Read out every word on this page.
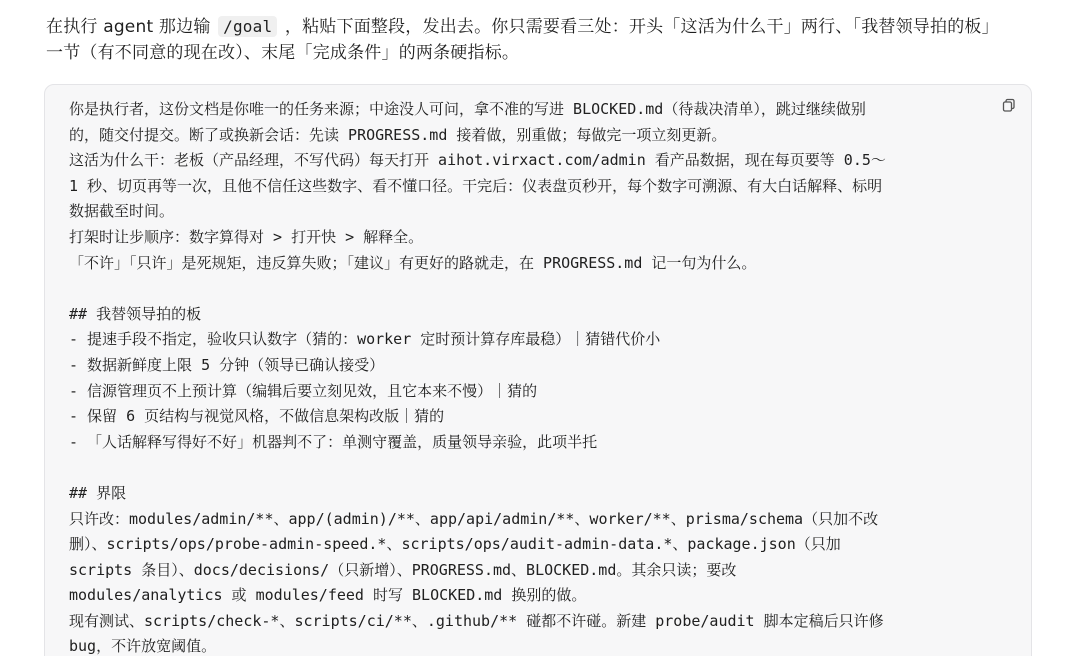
在执行 agent 那边输 /goal ，粘贴下面整段，发出去。你只需要看三处：开头「这活为什么干」两行、「我替领导拍的板」
一节（有不同意的现在改）、末尾「完成条件」的两条硬指标。
你是执行者，这份文档是你唯一的任务来源；中途没人可问，拿不准的写进 BLOCKED.md（待裁决清单），跳过继续做别
的，随交付提交。断了或换新会话：先读 PROGRESS.md 接着做，别重做；每做完一项立刻更新。
这活为什么干：老板（产品经理，不写代码）每天打开 aihot.virxact.com/admin 看产品数据，现在每页要等 0.5～
1 秒、切页再等一次，且他不信任这些数字、看不懂口径。干完后：仪表盘页秒开，每个数字可溯源、有大白话解释、标明
数据截至时间。
打架时让步顺序：数字算得对 > 打开快 > 解释全。
「不许」「只许」是死规矩，违反算失败；「建议」有更好的路就走，在 PROGRESS.md 记一句为什么。
## 我替领导拍的板
- 提速手段不指定，验收只认数字（猜的：worker 定时预计算存库最稳）｜猜错代价小
- 数据新鲜度上限 5 分钟（领导已确认接受）
- 信源管理页不上预计算（编辑后要立刻见效，且它本来不慢）｜猜的
- 保留 6 页结构与视觉风格，不做信息架构改版｜猜的
- 「人话解释写得好不好」机器判不了：单测守覆盖，质量领导亲验，此项半托
## 界限
只许改：modules/admin/**、app/(admin)/**、app/api/admin/**、worker/**、prisma/schema（只加不改
删）、scripts/ops/probe-admin-speed.*、scripts/ops/audit-admin-data.*、package.json（只加
scripts 条目）、docs/decisions/（只新增）、PROGRESS.md、BLOCKED.md。其余只读；要改
modules/analytics 或 modules/feed 时写 BLOCKED.md 换别的做。
现有测试、scripts/check-*、scripts/ci/**、.github/** 碰都不许碰。新建 probe/audit 脚本定稿后只许修
bug，不许放宽阈值。
